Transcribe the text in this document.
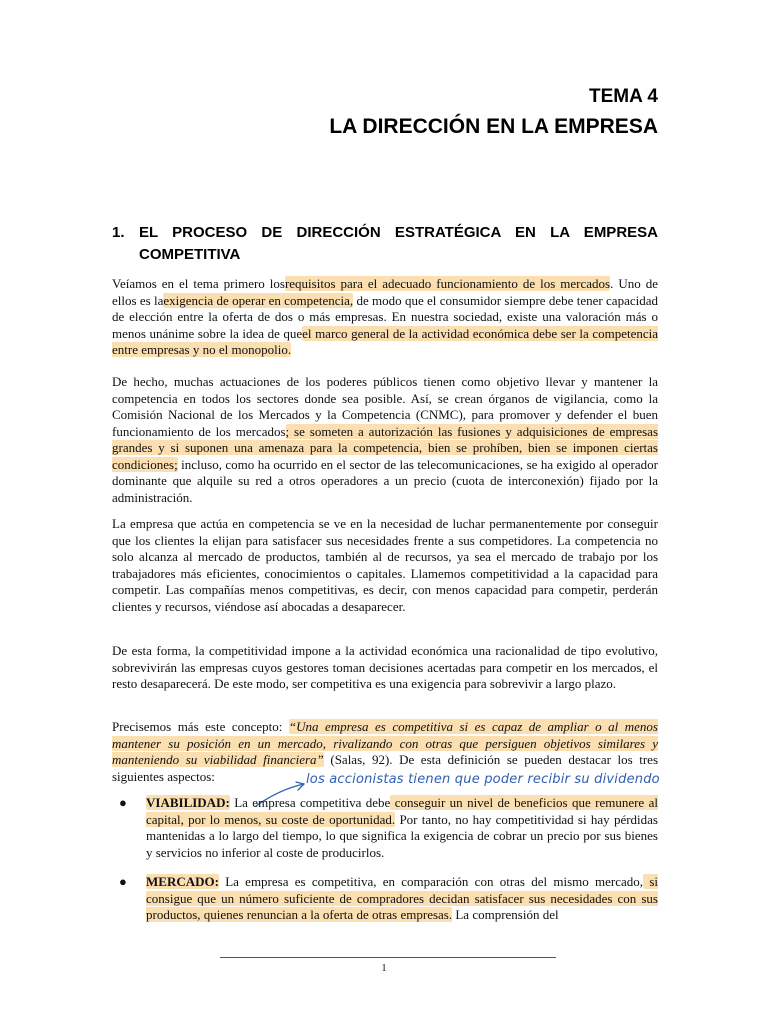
TEMA 4
LA DIRECCIÓN EN LA EMPRESA
1. EL PROCESO DE DIRECCIÓN ESTRATÉGICA EN LA EMPRESA COMPETITIVA

Veíamos en el tema primero losrequisitos para el adecuado funcionamiento de los mercados. Uno de ellos es laexigencia de operar en competencia, de modo que el consumidor siempre debe tener capacidad de elección entre la oferta de dos o más empresas. En nuestra sociedad, existe una valoración más o menos unánime sobre la idea de queel marco general de la actividad económica debe ser la competencia entre empresas y no el monopolio.

De hecho, muchas actuaciones de los poderes públicos tienen como objetivo llevar y mantener la competencia en todos los sectores donde sea posible. Así, se crean órganos de vigilancia, como la Comisión Nacional de los Mercados y la Competencia (CNMC), para promover y defender el buen funcionamiento de los mercados; se someten a autorización las fusiones y adquisiciones de empresas grandes y si suponen una amenaza para la competencia, bien se prohíben, bien se imponen ciertas condiciones; incluso, como ha ocurrido en el sector de las telecomunicaciones, se ha exigido al operador dominante que alquile su red a otros operadores a un precio (cuota de interconexión) fijado por la administración.

La empresa que actúa en competencia se ve en la necesidad de luchar permanentemente por conseguir que los clientes la elijan para satisfacer sus necesidades frente a sus competidores. La competencia no solo alcanza al mercado de productos, también al de recursos, ya sea el mercado de trabajo por los trabajadores más eficientes, conocimientos o capitales. Llamemos competitividad a la capacidad para competir. Las compañías menos competitivas, es decir, con menos capacidad para competir, perderán clientes y recursos, viéndose así abocadas a desaparecer.

De esta forma, la competitividad impone a la actividad económica una racionalidad de tipo evolutivo, sobrevivirán las empresas cuyos gestores toman decisiones acertadas para competir en los mercados, el resto desaparecerá. De este modo, ser competitiva es una exigencia para sobrevivir a largo plazo.

Precisemos más este concepto: “Una empresa es competitiva si es capaz de ampliar o al menos mantener su posición en un mercado, rivalizando con otras que persiguen objetivos similares y manteniendo su viabilidad financiera” (Salas, 92). De esta definición se pueden destacar los tres siguientes aspectos:	los accionistas tienen que poder recibir su dividendo
● VIABILIDAD: La empresa competitiva debe conseguir un nivel de beneficios que remunere al capital, por lo menos, su coste de oportunidad. Por tanto, no hay competitividad si hay pérdidas mantenidas a lo largo del tiempo, lo que significa la exigencia de cobrar un precio por sus bienes y servicios no inferior al coste de producirlos.
● MERCADO: La empresa es competitiva, en comparación con otras del mismo mercado, si consigue que un número suficiente de compradores decidan satisfacer sus necesidades con sus productos, quienes renuncian a la oferta de otras empresas. La comprensión del
1
